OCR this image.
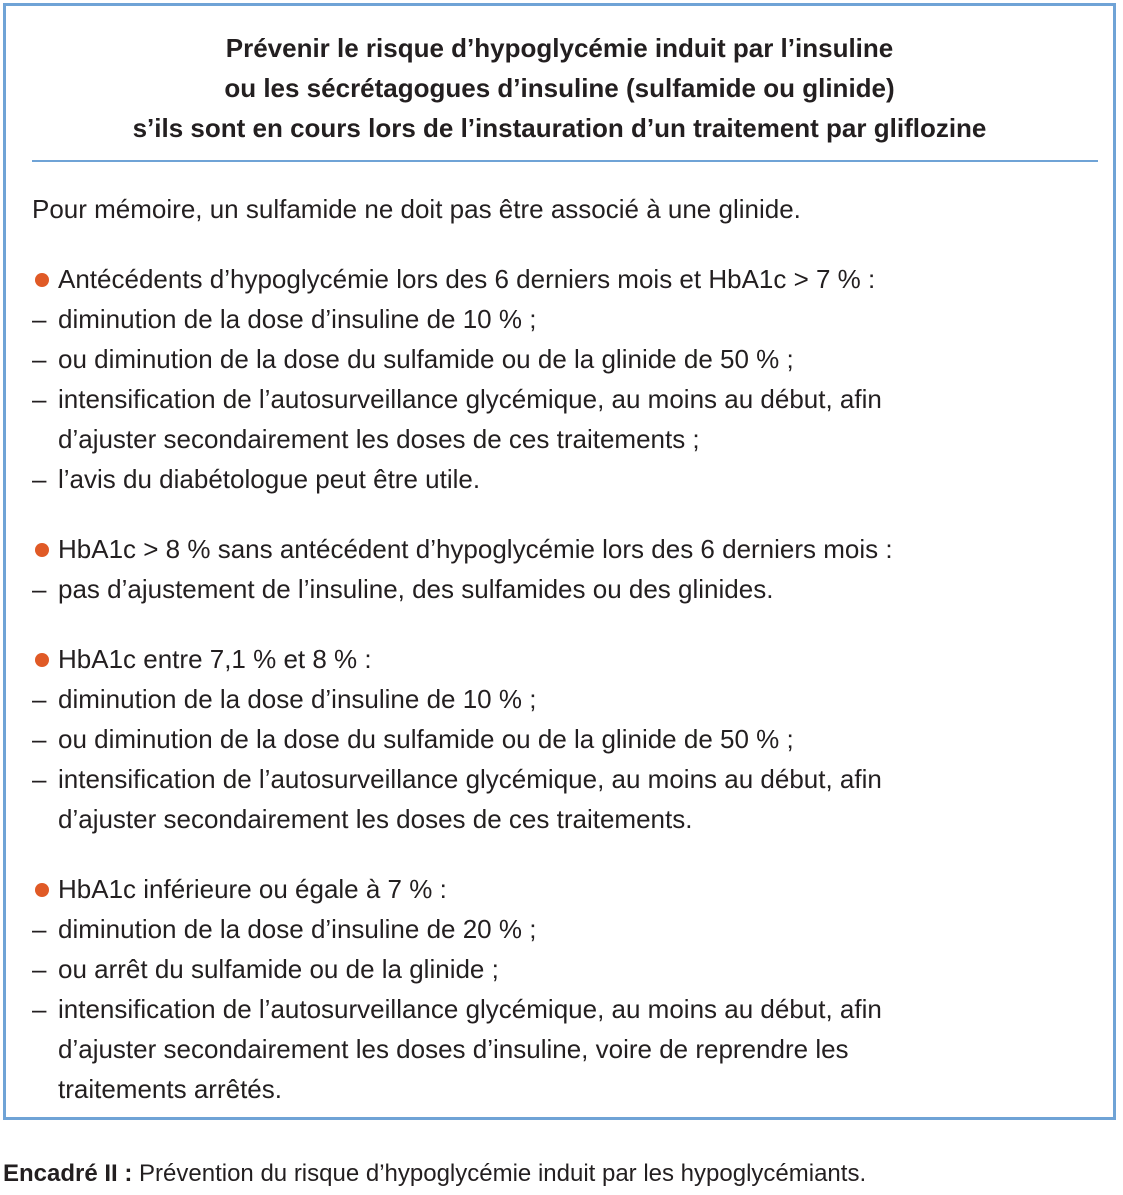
Prévenir le risque d’hypoglycémie induit par l’insuline
ou les sécrétagogues d’insuline (sulfamide ou glinide)
s’ils sont en cours lors de l’instauration d’un traitement par gliflozine
Pour mémoire, un sulfamide ne doit pas être associé à une glinide.
Antécédents d’hypoglycémie lors des 6 derniers mois et HbA1c > 7 % :
– diminution de la dose d’insuline de 10 % ;
– ou diminution de la dose du sulfamide ou de la glinide de 50 % ;
– intensification de l’autosurveillance glycémique, au moins au début, afin
d’ajuster secondairement les doses de ces traitements ;
– l’avis du diabétologue peut être utile.
HbA1c > 8 % sans antécédent d’hypoglycémie lors des 6 derniers mois :
– pas d’ajustement de l’insuline, des sulfamides ou des glinides.
HbA1c entre 7,1 % et 8 % :
– diminution de la dose d’insuline de 10 % ;
– ou diminution de la dose du sulfamide ou de la glinide de 50 % ;
– intensification de l’autosurveillance glycémique, au moins au début, afin
d’ajuster secondairement les doses de ces traitements.
HbA1c inférieure ou égale à 7 % :
– diminution de la dose d’insuline de 20 % ;
– ou arrêt du sulfamide ou de la glinide ;
– intensification de l’autosurveillance glycémique, au moins au début, afin
d’ajuster secondairement les doses d’insuline, voire de reprendre les
traitements arrêtés.
Encadré II : Prévention du risque d’hypoglycémie induit par les hypoglycémiants.
